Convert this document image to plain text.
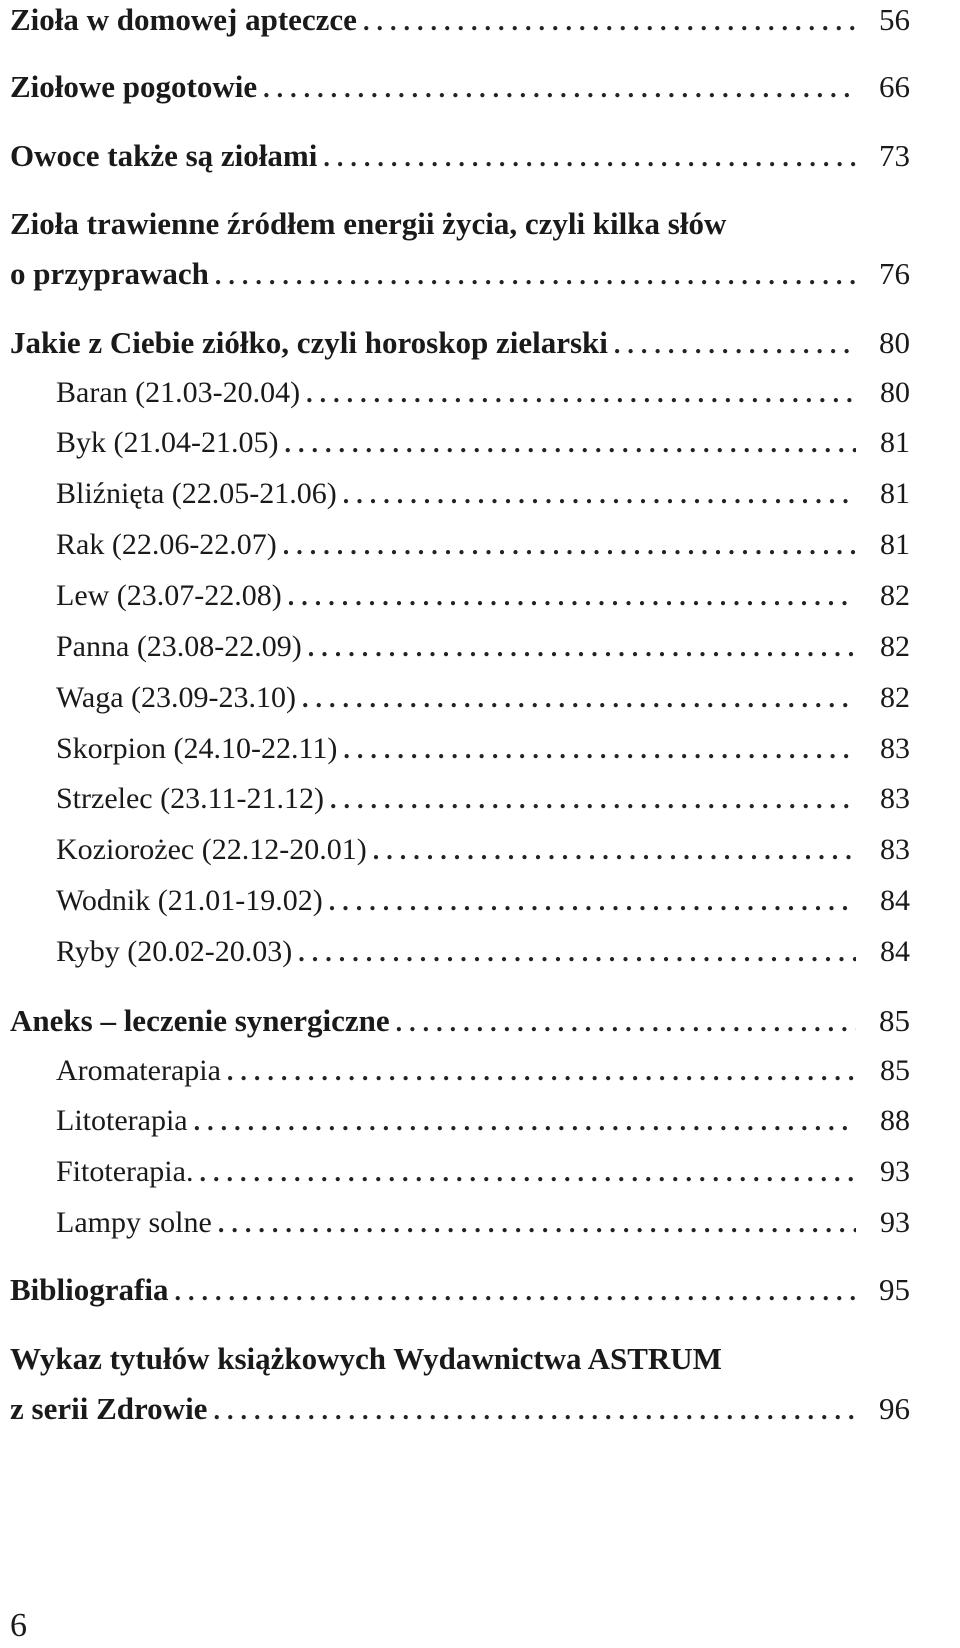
Zioła w domowej apteczce .....	56
Ziołowe pogotowie .....	66
Owoce także są ziołami .....	73
Zioła trawienne źródłem energii życia, czyli kilka słów
o przyprawach .....	76
Jakie z Ciebie ziółko, czyli horoskop zielarski .....	80
Baran (21.03-20.04) .....	80
Byk (21.04-21.05) .....	81
Bliźnięta (22.05-21.06) .....	81
Rak (22.06-22.07) .....	81
Lew (23.07-22.08) .....	82
Panna (23.08-22.09) .....	82
Waga (23.09-23.10) .....	82
Skorpion (24.10-22.11) .....	83
Strzelec (23.11-21.12) .....	83
Koziorożec (22.12-20.01) .....	83
Wodnik (21.01-19.02) .....	84
Ryby (20.02-20.03) .....	84
Aneks – leczenie synergiczne .....	85
Aromaterapia .....	85
Litoterapia .....	88
Fitoterapia. .....	93
Lampy solne .....	93
Bibliografia .....	95
Wykaz tytułów książkowych Wydawnictwa ASTRUM
z serii Zdrowie .....	96
6
